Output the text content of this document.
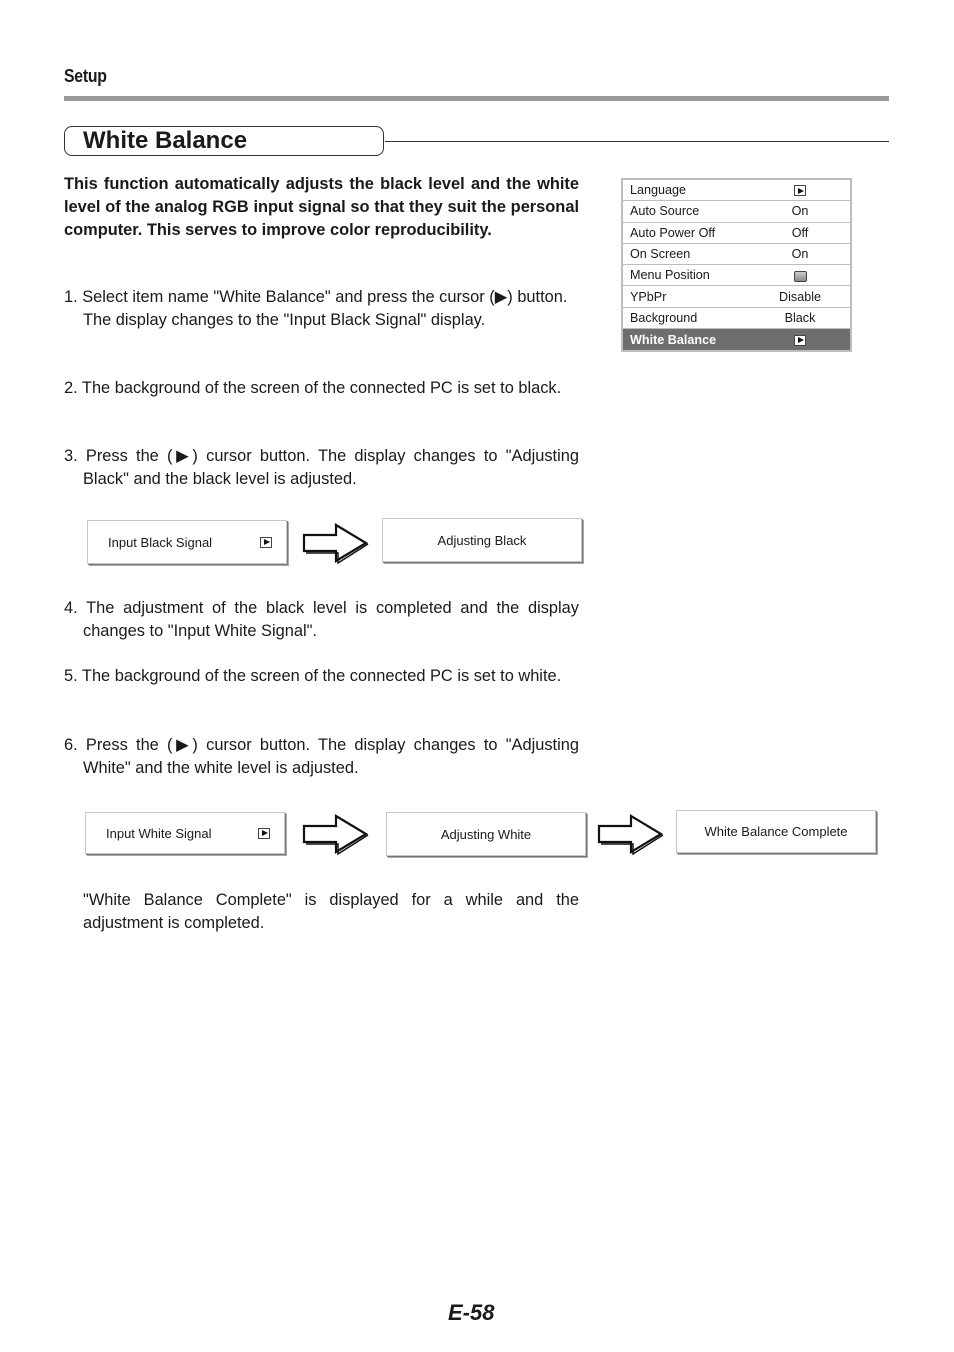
Setup
White Balance

This function automatically adjusts the black level and the white level of the analog RGB input signal so that they suit the personal computer. This serves to improve color reproducibility.

1. Select item name "White Balance" and press the cursor (▶) button.
The display changes to the "Input Black Signal" display.
2. The background of the screen of the connected PC is set to black.
3. Press the (▶) cursor button. The display changes to "Adjusting Black" and the black level is adjusted.
Language
Auto Source	On
Auto Power Off	Off
On Screen	On
Menu Position
YPbPr	Disable
Background	Black
White Balance
Input Black Signal	Adjusting Black
4. The adjustment of the black level is completed and the display changes to "Input White Signal".
5. The background of the screen of the connected PC is set to white.
6. Press the (▶) cursor button. The display changes to "Adjusting White" and the white level is adjusted.
Input White Signal	Adjusting White	White Balance Complete

"White Balance Complete" is displayed for a while and the adjustment is completed.

E-58
